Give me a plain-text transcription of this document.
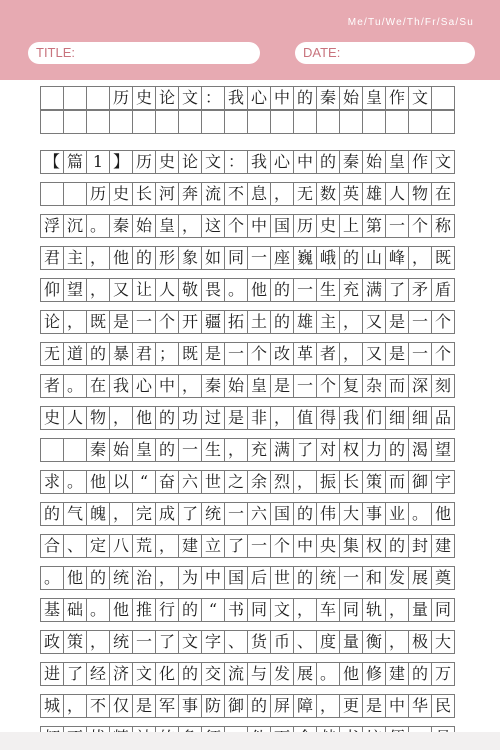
Me/Tu/We/Th/Fr/Sa/Su
TITLE:	DATE:
历 史 论 文 ： 我 心 中 的 秦 始 皇 作 文
【 篇 1 】 历 史 论 文 ： 我 心 中 的 秦 始 皇 作 文
历 史 长 河 奔 流 不 息 ， 无 数 英 雄 人 物 在
浮 沉 。 秦 始 皇 ， 这 个 中 国 历 史 上 第 一 个 称
君 主 ， 他 的 形 象 如 同 一 座 巍 峨 的 山 峰 ， 既
仰 望 ， 又 让 人 敬 畏 。 他 的 一 生 充 满 了 矛 盾
论 ， 既 是 一 个 开 疆 拓 土 的 雄 主 ， 又 是 一 个
无 道 的 暴 君 ； 既 是 一 个 改 革 者 ， 又 是 一 个
者 。 在 我 心 中 ， 秦 始 皇 是 一 个 复 杂 而 深 刻
史 人 物 ， 他 的 功 过 是 非 ， 值 得 我 们 细 细 品
秦 始 皇 的 一 生 ， 充 满 了 对 权 力 的 渴 望
求 。 他 以 “ 奋 六 世 之 余 烈 ， 振 长 策 而 御 宇
的 气 魄 ， 完 成 了 统 一 六 国 的 伟 大 事 业 。 他
合 、 定 八 荒 ， 建 立 了 一 个 中 央 集 权 的 封 建
。 他 的 统 治 ， 为 中 国 后 世 的 统 一 和 发 展 奠
基 础 。 他 推 行 的 “ 书 同 文 ， 车 同 轨 ， 量 同
政 策 ， 统 一 了 文 字 、 货 币 、 度 量 衡 ， 极 大
进 了 经 济 文 化 的 交 流 与 发 展 。 他 修 建 的 万
城 ， 不 仅 是 军 事 防 御 的 屏 障 ， 更 是 中 华 民
